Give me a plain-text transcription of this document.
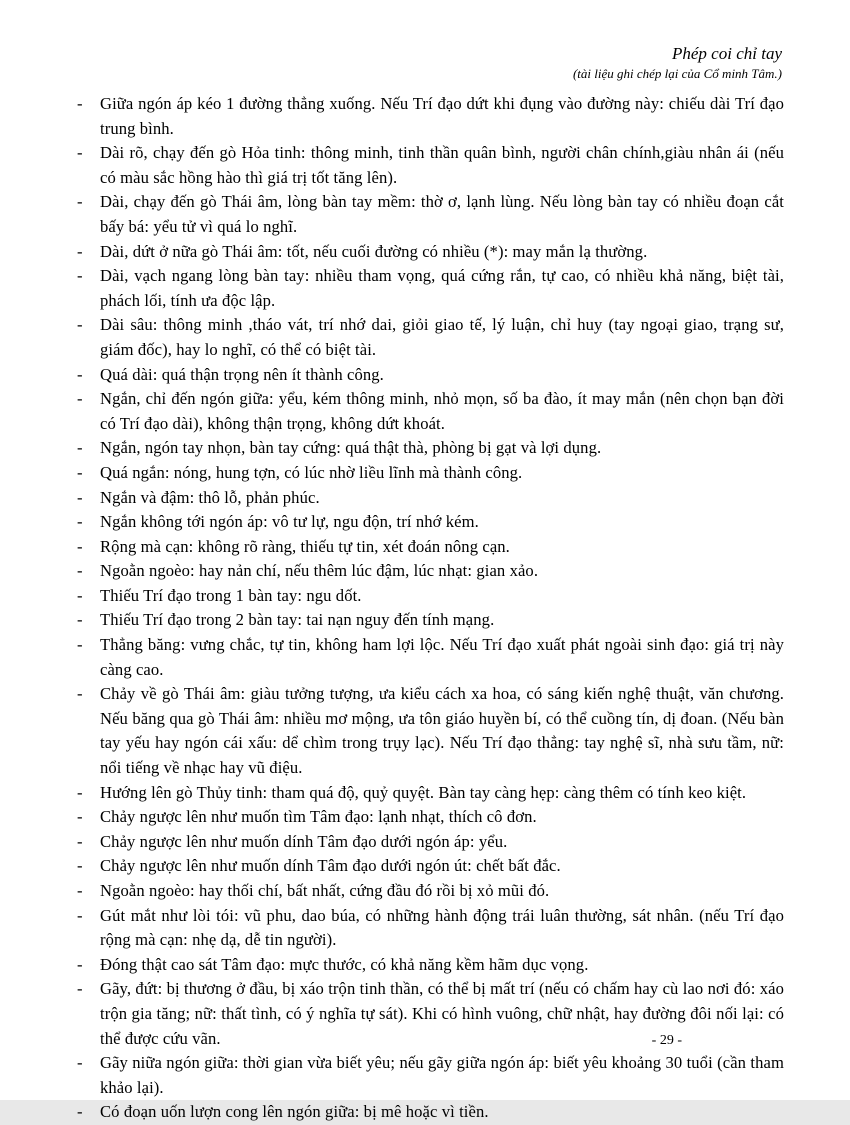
Phép coi chỉ tay
(tài liệu ghi chép lại của Cổ minh Tâm.)
-	Giữa ngón áp kéo 1 đường thẳng xuống. Nếu Trí đạo dứt khi đụng vào đường này: chiếu dài Trí đạo trung bình.
-	Dài rõ, chạy đến gò Hỏa tinh: thông minh, tinh thần quân bình, người chân chính,giàu nhân ái (nếu có màu sắc hồng hào thì giá trị tốt tăng lên).
-	Dài, chạy đến gò Thái âm, lòng bàn tay mềm: thờ ơ, lạnh lùng. Nếu lòng bàn tay có nhiều đoạn cắt bấy bá: yểu tử vì quá lo nghĩ.
-	Dài, dứt ở nữa gò Thái âm: tốt, nếu cuối đường có nhiều (*): may mắn lạ thường.
-	Dài, vạch ngang lòng bàn tay: nhiều tham vọng, quá cứng rắn, tự cao, có nhiều khả năng, biệt tài, phách lối, tính ưa độc lập.
-	Dài sâu: thông minh ,tháo vát, trí nhớ dai, giỏi giao tế, lý luận, chỉ huy (tay ngoại giao, trạng sư, giám đốc), hay lo nghĩ, có thể có biệt tài.
-	Quá dài: quá thận trọng nên ít thành công.
-	Ngắn, chỉ đến ngón giữa: yểu, kém thông minh, nhỏ mọn, số ba đào, ít may mắn (nên chọn bạn đời có Trí đạo dài), không thận trọng, không dứt khoát.
-	Ngắn, ngón tay nhọn, bàn tay cứng: quá thật thà, phòng bị gạt và lợi dụng.
-	Quá ngắn: nóng, hung tợn, có lúc nhờ liều lĩnh mà thành công.
-	Ngắn và đậm: thô lỗ, phản phúc.
-	Ngắn không tới ngón áp: vô tư lự, ngu độn, trí nhớ kém.
-	Rộng mà cạn: không rõ ràng, thiếu tự tin, xét đoán nông cạn.
-	Ngoằn ngoèo: hay nản chí, nếu thêm lúc đậm, lúc nhạt: gian xảo.
-	Thiếu Trí đạo trong 1 bàn tay: ngu dốt.
-	Thiếu Trí đạo trong 2 bàn tay: tai nạn nguy đến tính mạng.
-	Thẳng băng: vưng chắc, tự tin, không ham lợi lộc. Nếu Trí đạo xuất phát ngoài sinh đạo: giá trị này càng cao.
-	Chảy về gò Thái âm: giàu tưởng tượng, ưa kiểu cách xa hoa, có sáng kiến nghệ thuật, văn chương. Nếu băng qua gò Thái âm: nhiều mơ mộng, ưa tôn giáo huyền bí, có thể cuồng tín, dị đoan. (Nếu bàn tay yếu hay ngón cái xấu: dể chìm trong trụy lạc). Nếu Trí đạo thẳng: tay nghệ sĩ, nhà sưu tầm, nữ: nổi tiếng về nhạc hay vũ điệu.
-	Hướng lên gò Thủy tinh: tham quá độ, quỷ quyệt. Bàn tay càng hẹp: càng thêm có tính keo kiệt.
-	Chảy ngược lên như muốn tìm Tâm đạo: lạnh nhạt, thích cô đơn.
-	Chảy ngược lên như muốn dính Tâm đạo dưới ngón áp: yểu.
-	Chảy ngược lên như muốn dính Tâm đạo dưới ngón út: chết bất đắc.
-	Ngoằn ngoèo: hay thối chí, bất nhất, cứng đầu đó rồi bị xỏ mũi đó.
-	Gút mắt như lòi tói: vũ phu, dao búa, có những hành động trái luân thường, sát nhân. (nếu Trí đạo rộng mà cạn: nhẹ dạ, dễ tin người).
-	Đóng thật cao sát Tâm đạo: mực thước, có khả năng kềm hãm dục vọng.
-	Gãy, đứt: bị thương ở đầu, bị xáo trộn tinh thần, có thể bị mất trí (nếu có chấm hay cù lao nơi đó: xáo trộn gia tăng; nữ: thất tình, có ý nghĩa tự sát). Khi có hình vuông, chữ nhật, hay đường đôi nối lại: có thể được cứu vãn.
-	Gãy niữa ngón giữa: thời gian vừa biết yêu; nếu gãy giữa ngón áp: biết yêu khoảng 30 tuổi (cần tham khảo lại).
-	Có đoạn uốn lượn cong lên ngón giữa: bị mê hoặc vì tiền.
- 29 -
